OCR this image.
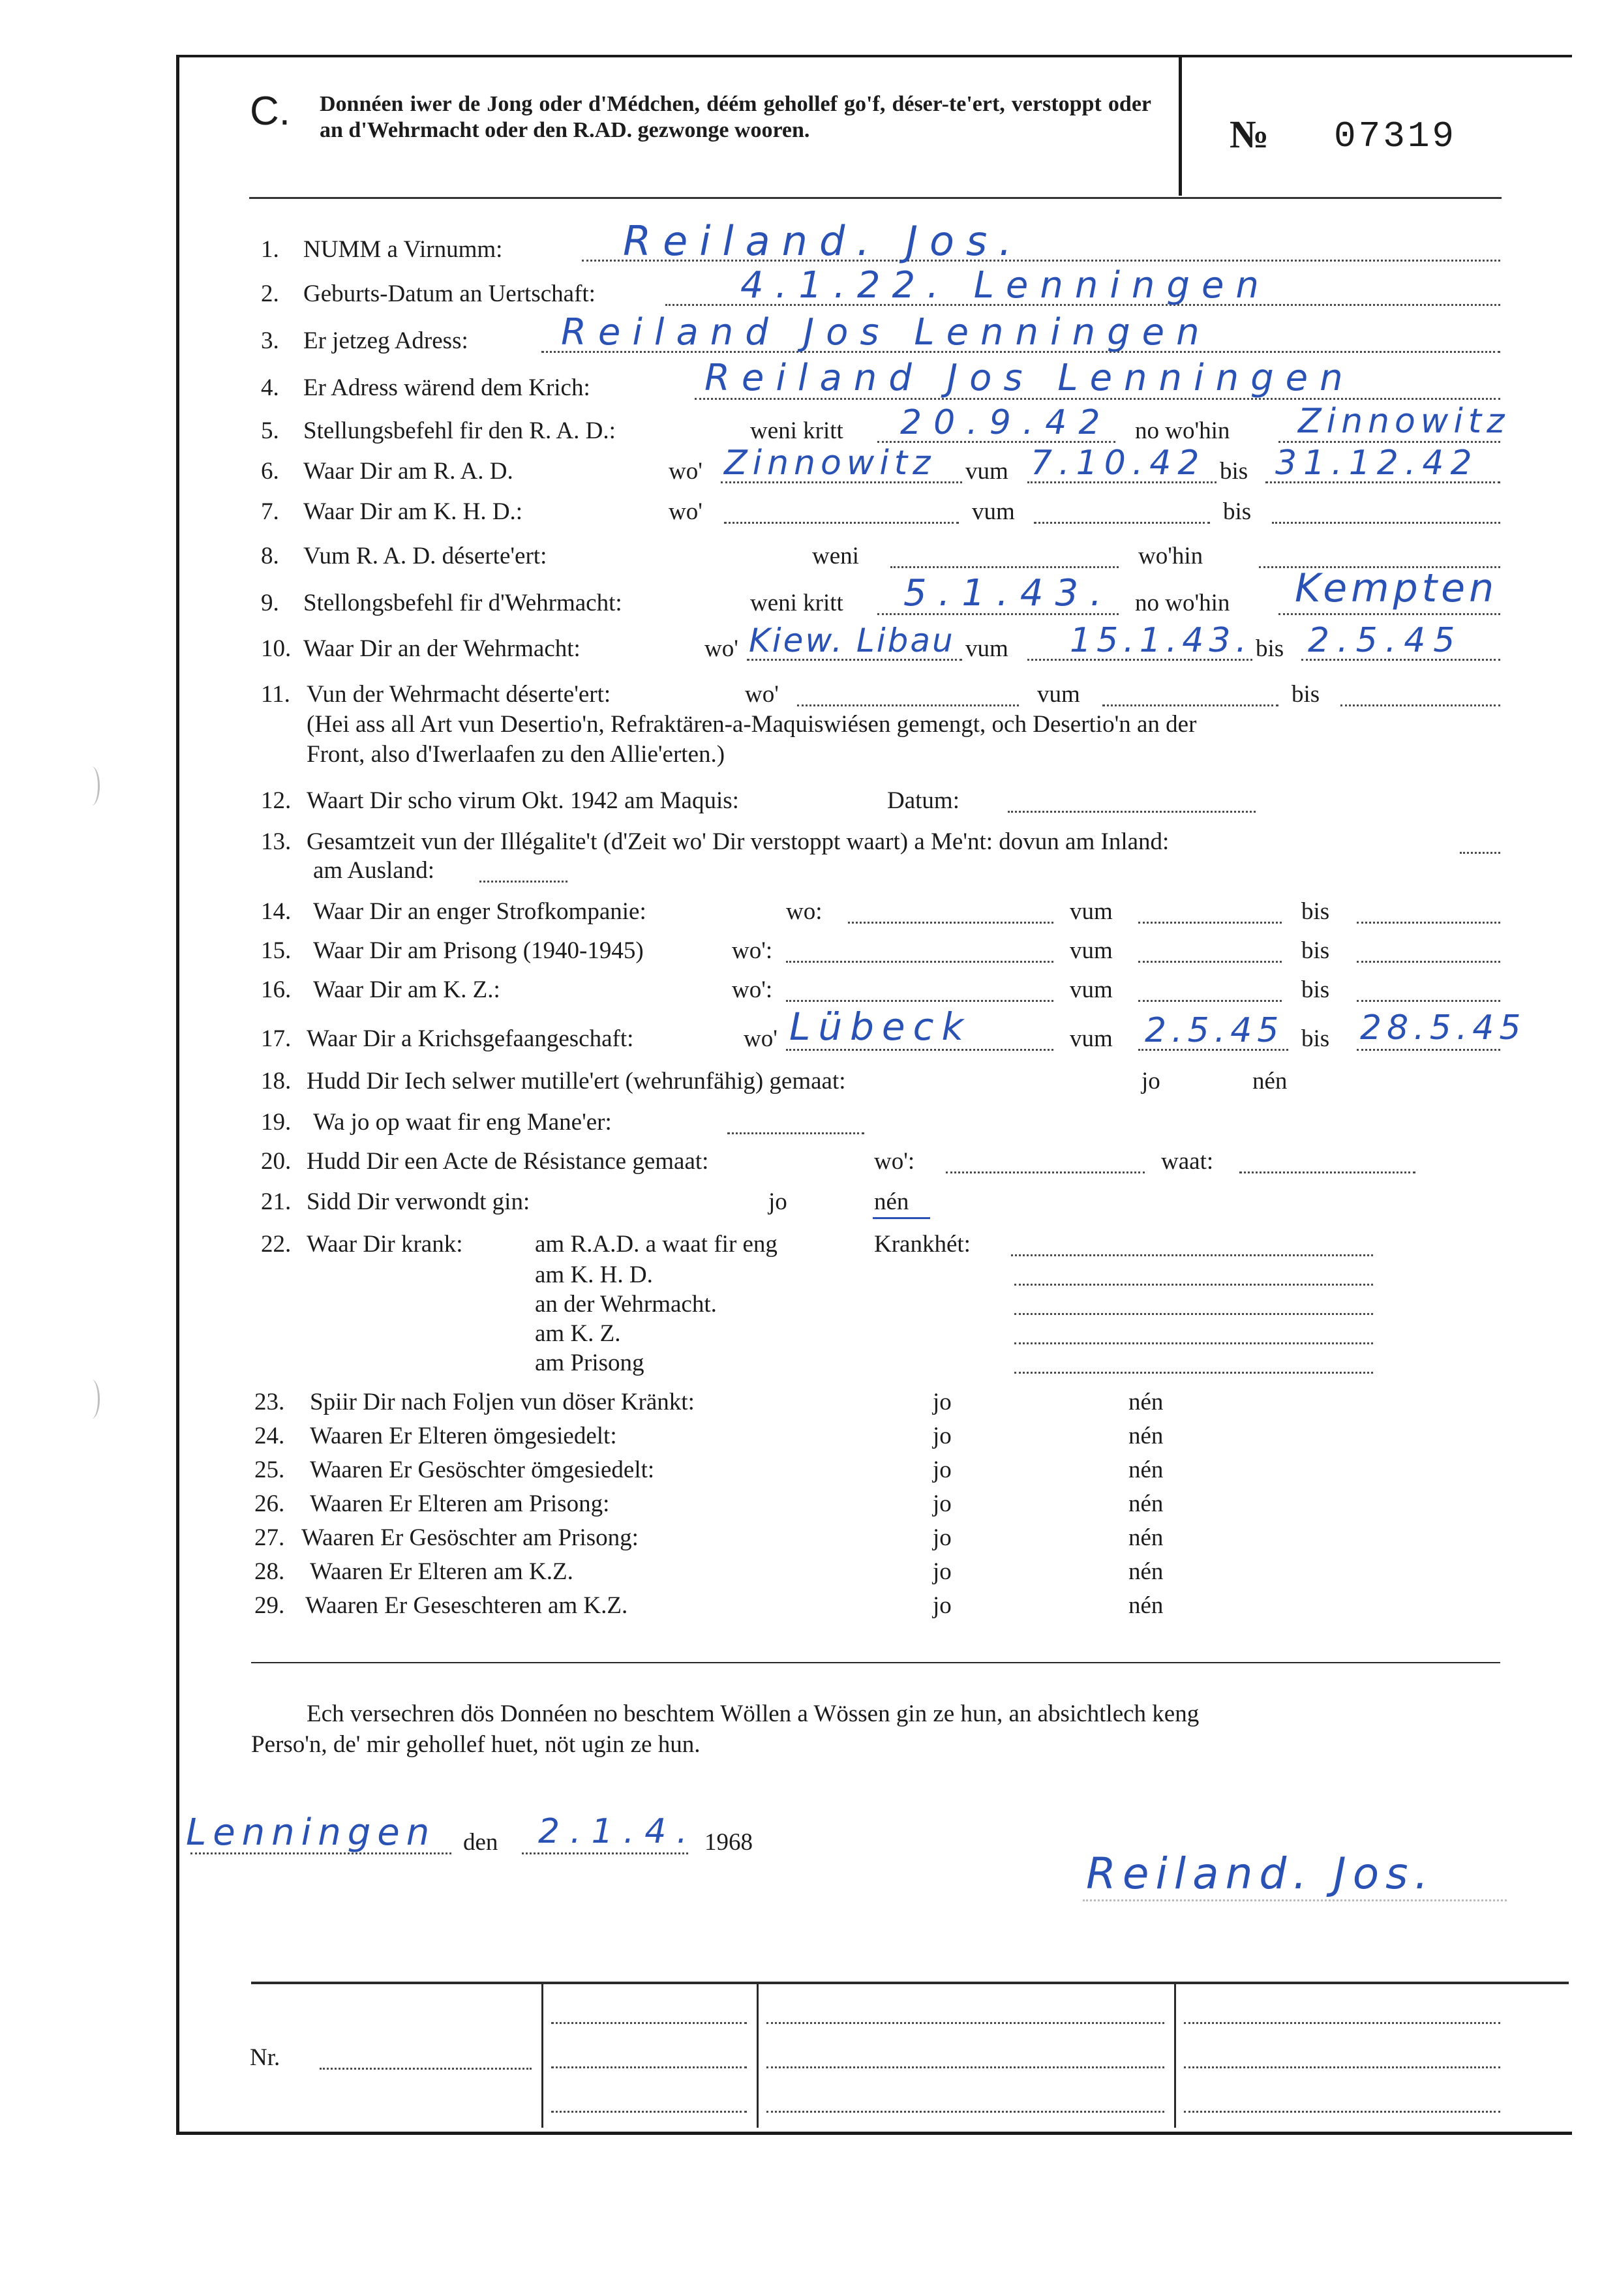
C. Donnéen iwer de Jong oder d'Médchen, déém gehollef go'f, déser-te'ert, verstoppt oder an d'Wehrmacht oder den R.AD. gezwonge wooren.	№ 07319
1. NUMM a Virnumm:	Reiland. Jos.
2. Geburts-Datum an Uertschaft:	4.1.22. Lenningen
3. Er jetzeg Adress:	Reiland Jos Lenningen
4. Er Adress wärend dem Krich:	Reiland Jos Lenningen
5. Stellungsbefehl fir den R. A. D.:	weni kritt 20.9.42 no wo'hin Zinnowitz
6. Waar Dir am R. A. D.	wo' Zinnowitz vum 7.10.42 bis 31.12.42
7. Waar Dir am K. H. D.:	wo'	vum	bis
8. Vum R. A. D. déserte'ert:	weni	wo'hin
9. Stellongsbefehl fir d'Wehrmacht:	weni kritt 5.1.43. no wo'hin Kempten
10. Waar Dir an der Wehrmacht:	wo' Kiew. Libau vum 15.1.43. bis 2.5.45
11. Vun der Wehrmacht déserte'ert:	wo'	vum	bis
(Hei ass all Art vun Desertio'n, Refraktären-a-Maquiswiésen gemengt, och Desertio'n an der
Front, also d'Iwerlaafen zu den Allie'erten.)
12. Waart Dir scho virum Okt. 1942 am Maquis:	Datum:
13. Gesamtzeit vun der Illégalite't (d'Zeit wo' Dir verstoppt waart) a Me'nt: dovun am Inland:
am Ausland:
14. Waar Dir an enger Strofkompanie:	wo:	vum	bis
15. Waar Dir am Prisong (1940-1945)	wo':	vum	bis
16. Waar Dir am K. Z.:	wo':	vum	bis
17. Waar Dir a Krichsgefaangeschaft:	wo' Lübeck	vum 2.5.45 bis 28.5.45
18. Hudd Dir Iech selwer mutille'ert (wehrunfähig) gemaat:	jo	nén
19. Wa jo op waat fir eng Mane'er:
20. Hudd Dir een Acte de Résistance gemaat:	wo':	waat:
21. Sidd Dir verwondt gin:	jo	nén
22. Waar Dir krank:	am R.A.D. a waat fir eng	Krankhét:
am K. H. D.
an der Wehrmacht.
am K. Z.
am Prisong
23. Spiir Dir nach Foljen vun döser Kränkt:	jo	nén
24. Waaren Er Elteren ömgesiedelt:	jo	nén
25. Waaren Er Gesöschter ömgesiedelt:	jo	nén
26. Waaren Er Elteren am Prisong:	jo	nén
27. Waaren Er Gesöschter am Prisong:	jo	nén
28. Waaren Er Elteren am K.Z.	jo	nén
29. Waaren Er Geseschteren am K.Z.	jo	nén
Ech versechren dös Donnéen no beschtem Wöllen a Wössen gin ze hun, an absichtlech keng
Perso'n, de' mir gehollef huet, nöt ugin ze hun.
Lenningen den 2.1.4. 1968
Reiland. Jos.
Nr.
